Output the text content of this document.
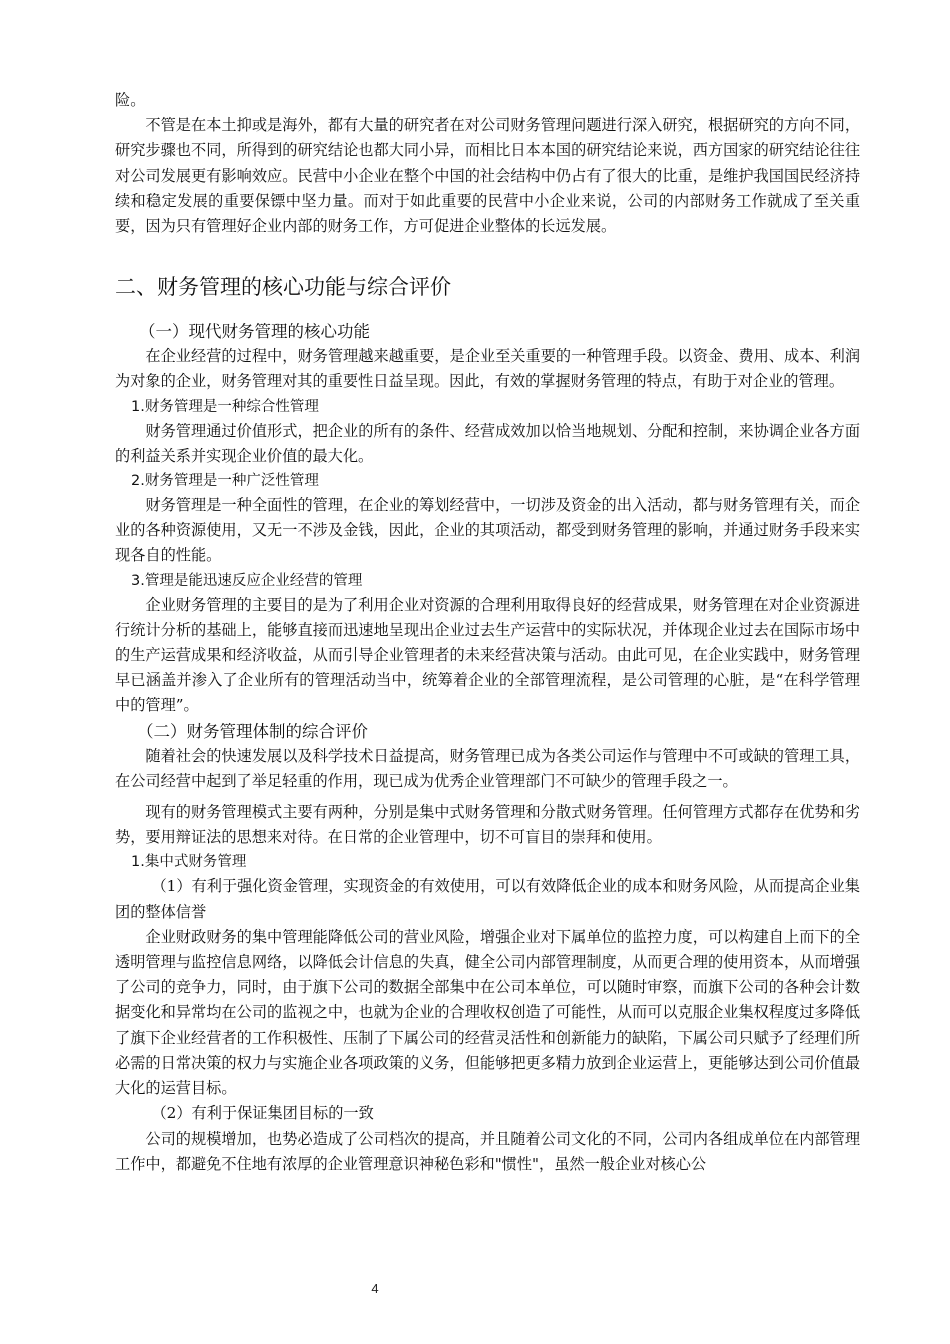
险。

不管是在本土抑或是海外，都有大量的研究者在对公司财务管理问题进行深入研究，根据研究的方向不同，研究步骤也不同，所得到的研究结论也都大同小异，而相比日本本国的研究结论来说，西方国家的研究结论往往对公司发展更有影响效应。民营中小企业在整个中国的社会结构中仍占有了很大的比重，是维护我国国民经济持续和稳定发展的重要保镖中坚力量。而对于如此重要的民营中小企业来说，公司的内部财务工作就成了至关重要，因为只有管理好企业内部的财务工作，方可促进企业整体的长远发展。

二、财务管理的核心功能与综合评价

（一）现代财务管理的核心功能

在企业经营的过程中，财务管理越来越重要，是企业至关重要的一种管理手段。以资金、费用、成本、利润为对象的企业，财务管理对其的重要性日益呈现。因此，有效的掌握财务管理的特点，有助于对企业的管理。

1.财务管理是一种综合性管理

财务管理通过价值形式，把企业的所有的条件、经营成效加以恰当地规划、分配和控制，来协调企业各方面的利益关系并实现企业价值的最大化。

2.财务管理是一种广泛性管理

财务管理是一种全面性的管理，在企业的筹划经营中，一切涉及资金的出入活动，都与财务管理有关，而企业的各种资源使用，又无一不涉及金钱，因此，企业的其项活动，都受到财务管理的影响，并通过财务手段来实现各自的性能。

3.管理是能迅速反应企业经营的管理

企业财务管理的主要目的是为了利用企业对资源的合理利用取得良好的经营成果，财务管理在对企业资源进行统计分析的基础上，能够直接而迅速地呈现出企业过去生产运营中的实际状况，并体现企业过去在国际市场中的生产运营成果和经济收益，从而引导企业管理者的未来经营决策与活动。由此可见，在企业实践中，财务管理早已涵盖并渗入了企业所有的管理活动当中，统筹着企业的全部管理流程，是公司管理的心脏，是“在科学管理中的管理”。

（二）财务管理体制的综合评价

随着社会的快速发展以及科学技术日益提高，财务管理已成为各类公司运作与管理中不可或缺的管理工具，在公司经营中起到了举足轻重的作用，现已成为优秀企业管理部门不可缺少的管理手段之一。

现有的财务管理模式主要有两种，分别是集中式财务管理和分散式财务管理。任何管理方式都存在优势和劣势，要用辩证法的思想来对待。在日常的企业管理中，切不可盲目的崇拜和使用。

1.集中式财务管理

（1）有利于强化资金管理，实现资金的有效使用，可以有效降低企业的成本和财务风险，从而提高企业集团的整体信誉

企业财政财务的集中管理能降低公司的营业风险，增强企业对下属单位的监控力度，可以构建自上而下的全透明管理与监控信息网络，以降低会计信息的失真，健全公司内部管理制度，从而更合理的使用资本，从而增强了公司的竞争力，同时，由于旗下公司的数据全部集中在公司本单位，可以随时审察，而旗下公司的各种会计数据变化和异常均在公司的监视之中，也就为企业的合理收权创造了可能性，从而可以克服企业集权程度过多降低了旗下企业经营者的工作积极性、压制了下属公司的经营灵活性和创新能力的缺陷，下属公司只赋予了经理们所必需的日常决策的权力与实施企业各项政策的义务，但能够把更多精力放到企业运营上，更能够达到公司价值最大化的运营目标。

（2）有利于保证集团目标的一致

公司的规模增加，也势必造成了公司档次的提高，并且随着公司文化的不同，公司内各组成单位在内部管理工作中，都避免不住地有浓厚的企业管理意识神秘色彩和"惯性"，虽然一般企业对核心公

4
